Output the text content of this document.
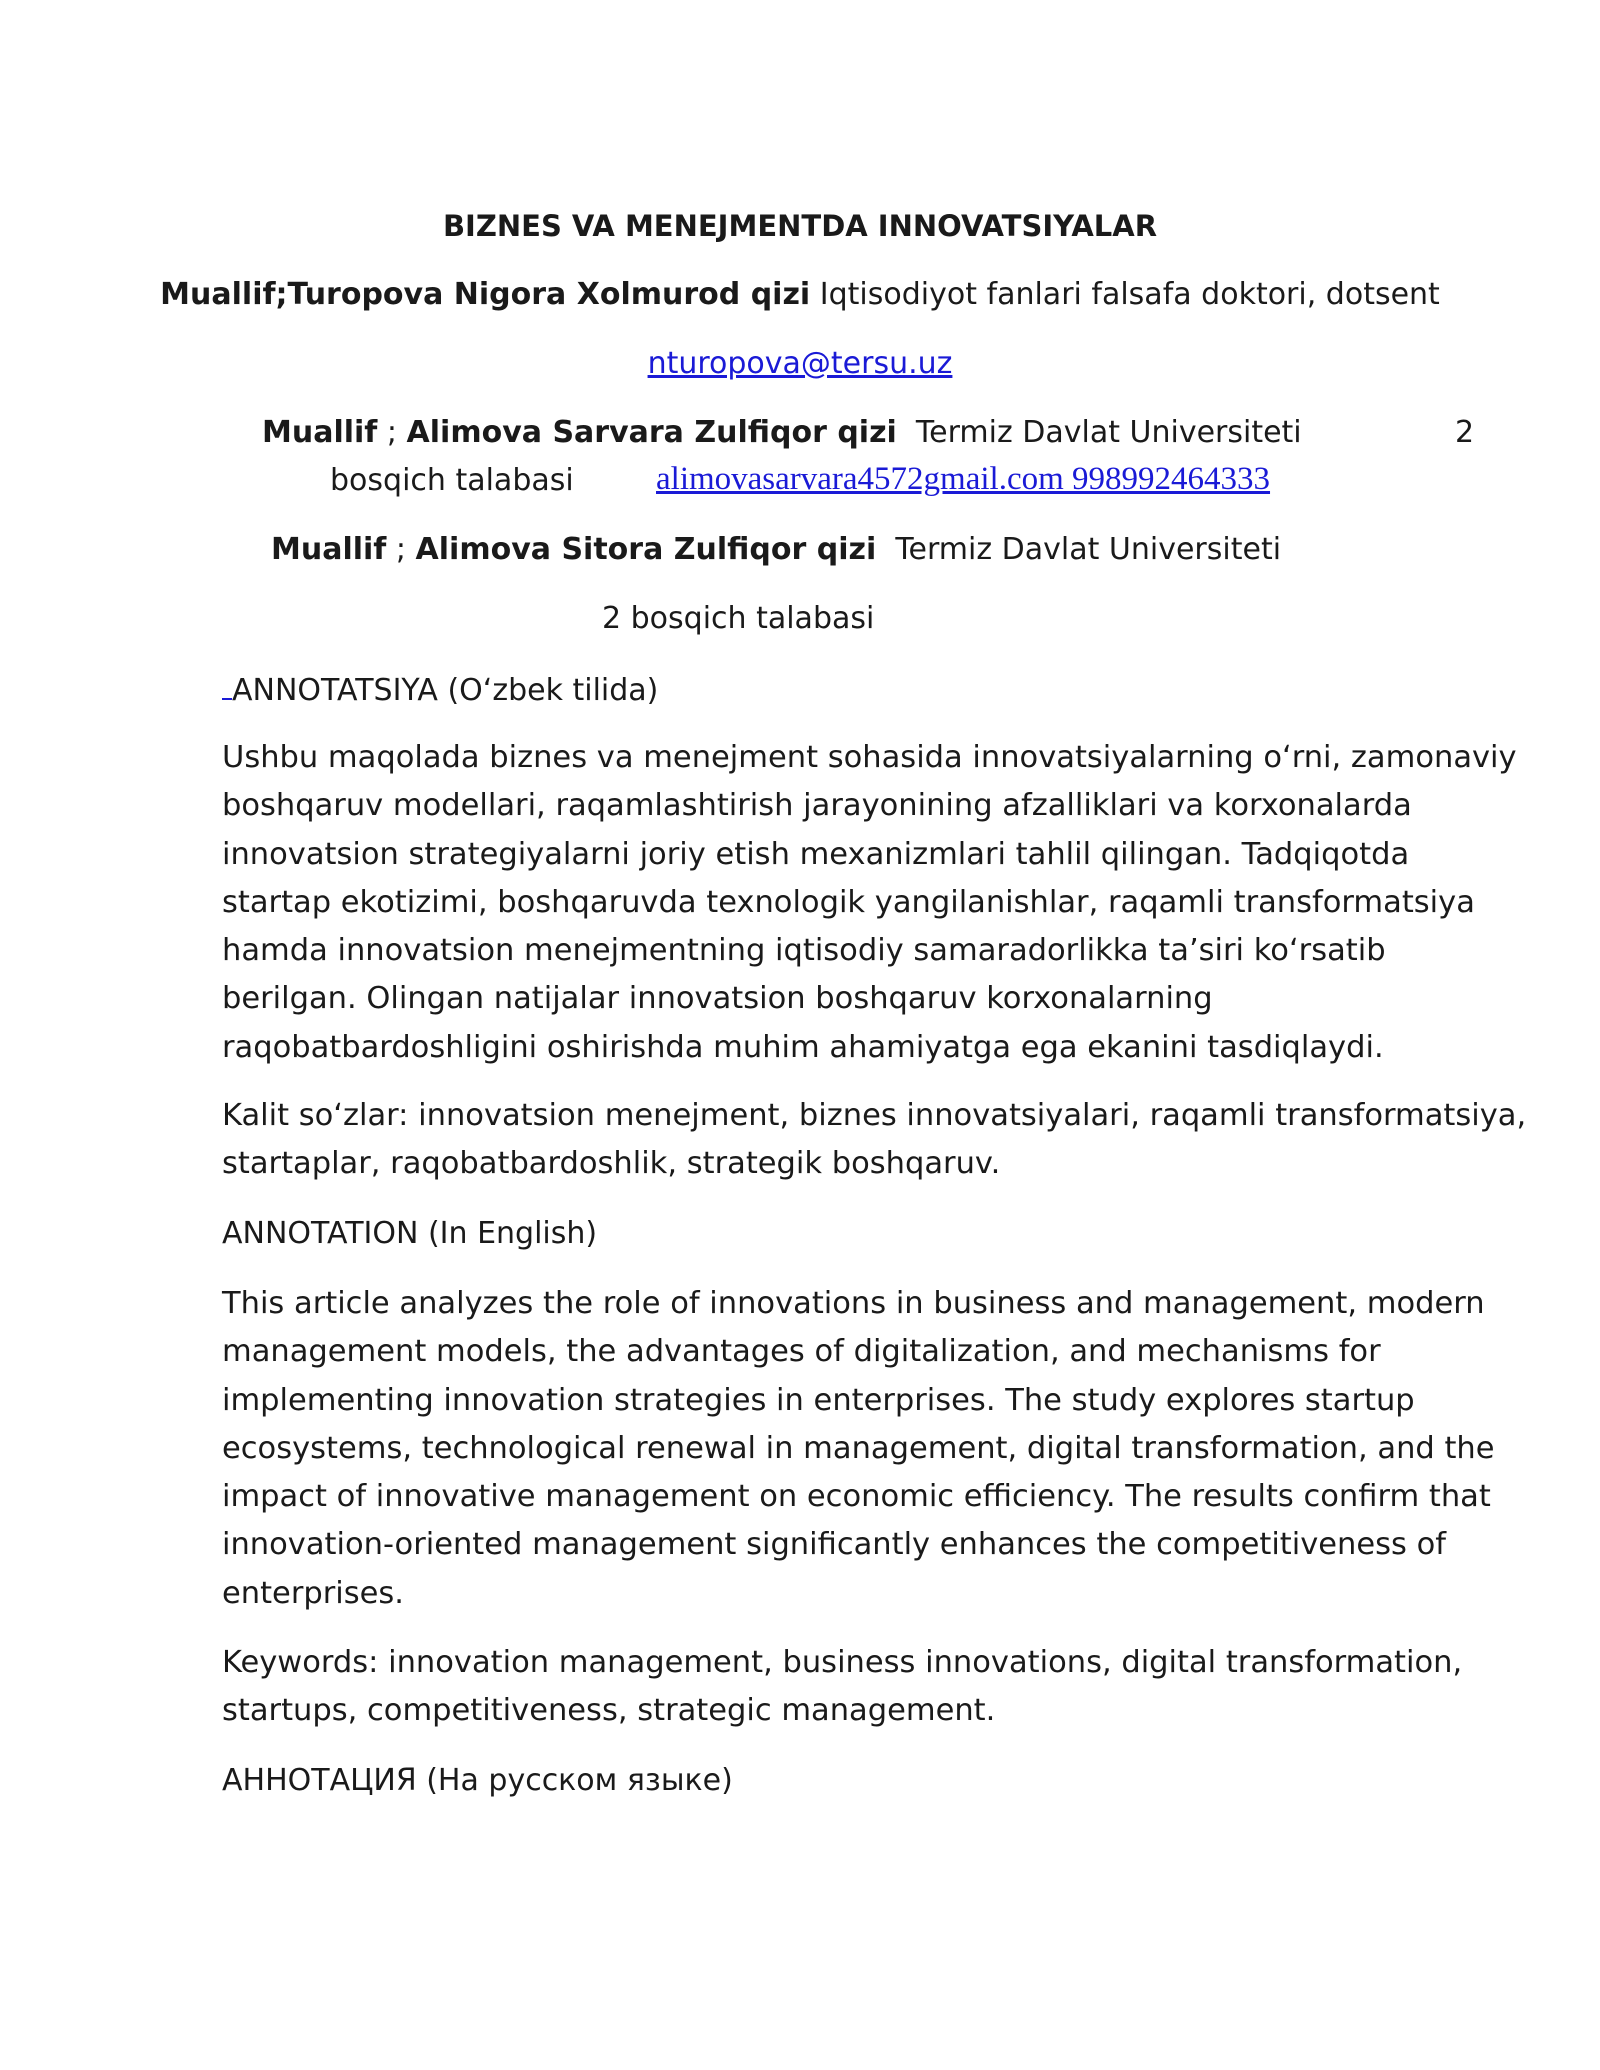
BIZNES VA MENEJMENTDA INNOVATSIYALAR
Muallif;Turopova Nigora Xolmurod qizi Iqtisodiyot fanlari falsafa doktori, dotsent
nturopova@tersu.uz
Muallif ; Alimova Sarvara Zulfiqor qizi Termiz Davlat Universiteti	2
bosqich talabasi alimovasarvara4572gmail.com 998992464333
Muallif ; Alimova Sitora Zulfiqor qizi Termiz Davlat Universiteti
2 bosqich talabasi
ANNOTATSIYA (O‘zbek tilida)
Ushbu maqolada biznes va menejment sohasida innovatsiyalarning o‘rni, zamonaviy
boshqaruv modellari, raqamlashtirish jarayonining afzalliklari va korxonalarda
innovatsion strategiyalarni joriy etish mexanizmlari tahlil qilingan. Tadqiqotda
startap ekotizimi, boshqaruvda texnologik yangilanishlar, raqamli transformatsiya
hamda innovatsion menejmentning iqtisodiy samaradorlikka ta’siri ko‘rsatib
berilgan. Olingan natijalar innovatsion boshqaruv korxonalarning
raqobatbardoshligini oshirishda muhim ahamiyatga ega ekanini tasdiqlaydi.
Kalit so‘zlar: innovatsion menejment, biznes innovatsiyalari, raqamli transformatsiya,
startaplar, raqobatbardoshlik, strategik boshqaruv.
ANNOTATION (In English)
This article analyzes the role of innovations in business and management, modern
management models, the advantages of digitalization, and mechanisms for
implementing innovation strategies in enterprises. The study explores startup
ecosystems, technological renewal in management, digital transformation, and the
impact of innovative management on economic efficiency. The results confirm that
innovation-oriented management significantly enhances the competitiveness of
enterprises.
Keywords: innovation management, business innovations, digital transformation,
startups, competitiveness, strategic management.
АННОТАЦИЯ (На русском языке)
